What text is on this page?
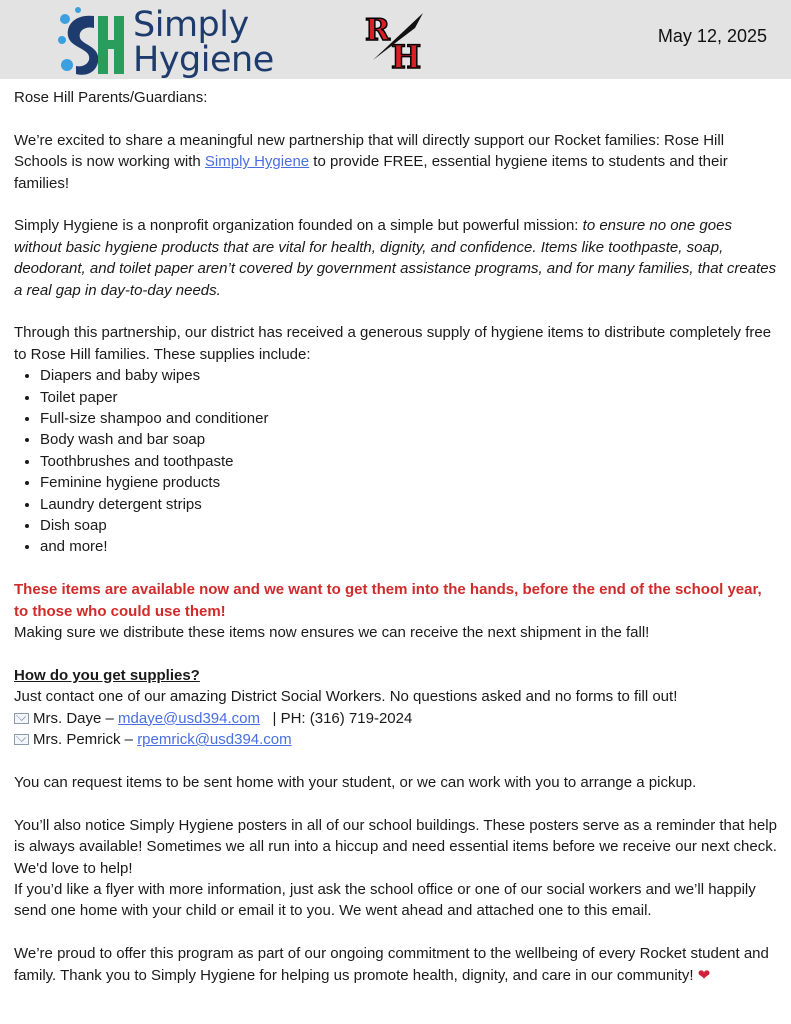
Simply
Hygiene
R
H
May 12, 2025

Rose Hill Parents/Guardians:

We’re excited to share a meaningful new partnership that will directly support our Rocket families: Rose Hill Schools is now working with Simply Hygiene to provide FREE, essential hygiene items to students and their families!

Simply Hygiene is a nonprofit organization founded on a simple but powerful mission: to ensure no one goes without basic hygiene products that are vital for health, dignity, and confidence. Items like toothpaste, soap, deodorant, and toilet paper aren’t covered by government assistance programs, and for many families, that creates a real gap in day-to-day needs.

Through this partnership, our district has received a generous supply of hygiene items to distribute completely free to Rose Hill families. These supplies include:

• Diapers and baby wipes
• Toilet paper
• Full-size shampoo and conditioner
• Body wash and bar soap
• Toothbrushes and toothpaste
• Feminine hygiene products
• Laundry detergent strips
• Dish soap
• and more!

These items are available now and we want to get them into the hands, before the end of the school year, to those who could use them!

Making sure we distribute these items now ensures we can receive the next shipment in the fall!

How do you get supplies?

Just contact one of our amazing District Social Workers. No questions asked and no forms to fill out!

Mrs. Daye – mdaye@usd394.com | PH: (316) 719-2024

Mrs. Pemrick – rpemrick@usd394.com

You can request items to be sent home with your student, or we can work with you to arrange a pickup.

You’ll also notice Simply Hygiene posters in all of our school buildings. These posters serve as a reminder that help is always available! Sometimes we all run into a hiccup and need essential items before we receive our next check. We'd love to help!

If you’d like a flyer with more information, just ask the school office or one of our social workers and we’ll happily send one home with your child or email it to you. We went ahead and attached one to this email.

We’re proud to offer this program as part of our ongoing commitment to the wellbeing of every Rocket student and family. Thank you to Simply Hygiene for helping us promote health, dignity, and care in our community! ❤
